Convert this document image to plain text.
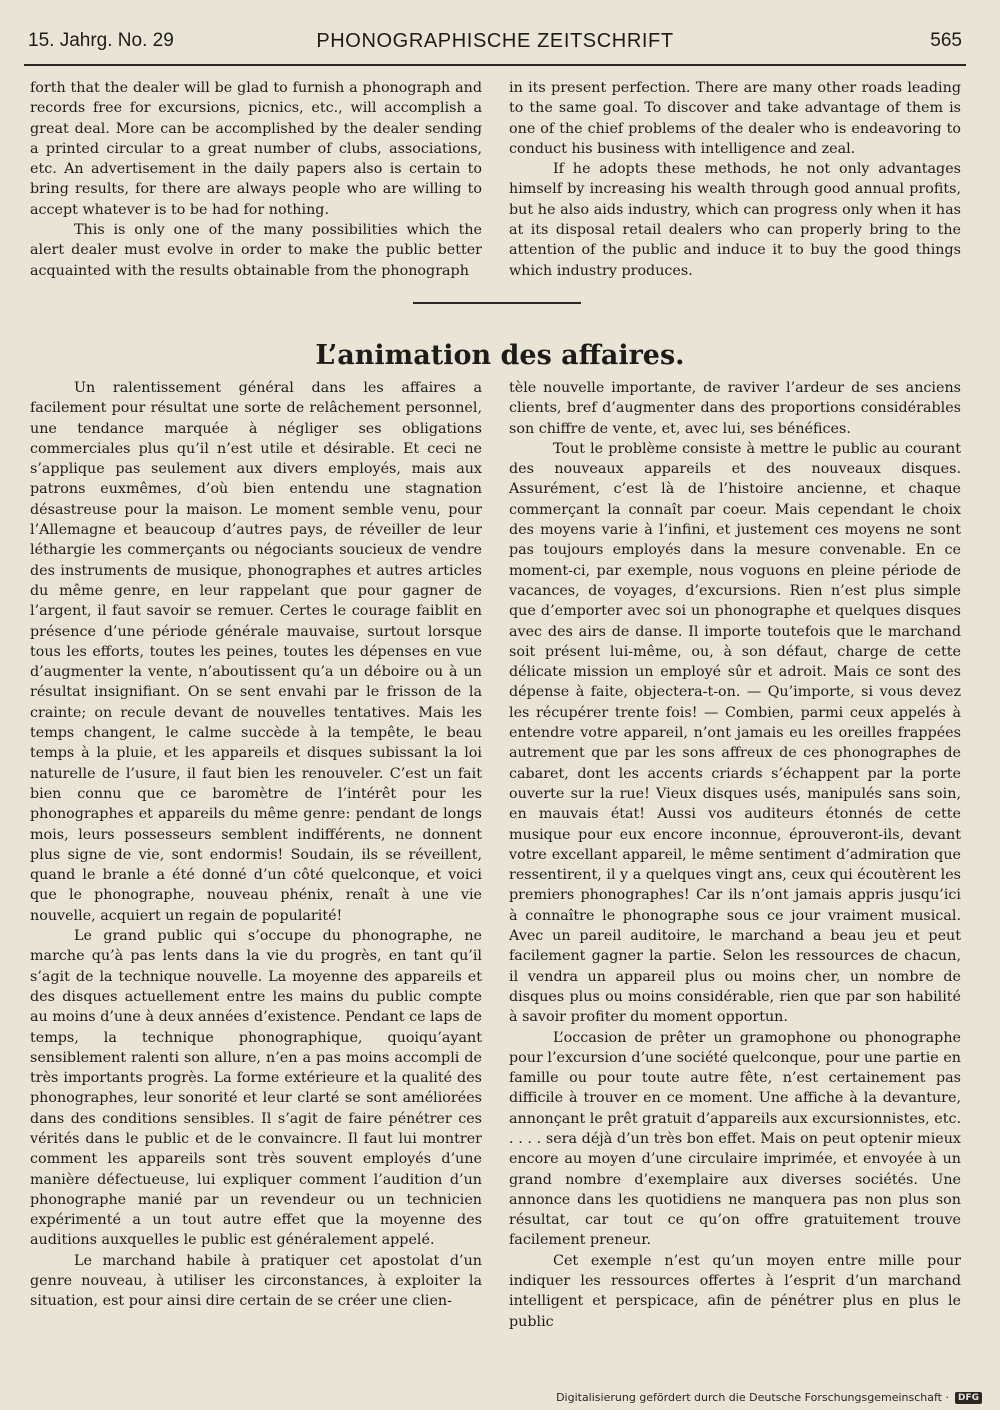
15. Jahrg. No. 29	PHONOGRAPHISCHE ZEITSCHRIFT	565

forth that the dealer will be glad to furnish a phonograph and records free for excursions, picnics, etc., will accomplish a great deal. More can be accomplished by the dealer sending a printed circular to a great number of clubs, associations, etc. An advertisement in the daily papers also is certain to bring results, for there are always people who are willing to accept whatever is to be had for nothing.

This is only one of the many possibilities which the alert dealer must evolve in order to make the public better acquainted with the results obtainable from the phonograph

in its present perfection. There are many other roads leading to the same goal. To discover and take advantage of them is one of the chief problems of the dealer who is endeavoring to conduct his business with intelligence and zeal.

If he adopts these methods, he not only advantages himself by increasing his wealth through good annual profits, but he also aids industry, which can progress only when it has at its disposal retail dealers who can properly bring to the attention of the public and induce it to buy the good things which industry produces.

L’animation des affaires.

Un ralentissement général dans les affaires a facilement pour résultat une sorte de relâchement personnel, une tendance marquée à négliger ses obligations commerciales plus qu’il n’est utile et désirable. Et ceci ne s’applique pas seulement aux divers employés, mais aux patrons euxmêmes, d’où bien entendu une stagnation désastreuse pour la maison. Le moment semble venu, pour l’Allemagne et beaucoup d’autres pays, de réveiller de leur léthargie les commerçants ou négociants soucieux de vendre des instruments de musique, phonographes et autres articles du même genre, en leur rappelant que pour gagner de l’argent, il faut savoir se remuer. Certes le courage faiblit en présence d’une période générale mauvaise, surtout lorsque tous les efforts, toutes les peines, toutes les dépenses en vue d’augmenter la vente, n’aboutissent qu’a un déboire ou à un résultat insignifiant. On se sent envahi par le frisson de la crainte; on recule devant de nouvelles tentatives. Mais les temps changent, le calme succède à la tempête, le beau temps à la pluie, et les appareils et disques subissant la loi naturelle de l’usure, il faut bien les renouveler. C’est un fait bien connu que ce baromètre de l’intérêt pour les phonographes et appareils du même genre: pendant de longs mois, leurs possesseurs semblent indifférents, ne donnent plus signe de vie, sont endormis! Soudain, ils se réveillent, quand le branle a été donné d’un côté quelconque, et voici que le phonographe, nouveau phénix, renaît à une vie nouvelle, acquiert un regain de popularité!

Le grand public qui s’occupe du phonographe, ne marche qu’à pas lents dans la vie du progrès, en tant qu’il s’agit de la technique nouvelle. La moyenne des appareils et des disques actuellement entre les mains du public compte au moins d’une à deux années d’existence. Pendant ce laps de temps, la technique phonographique, quoiqu’ayant sensiblement ralenti son allure, n’en a pas moins accompli de très importants progrès. La forme extérieure et la qualité des phonographes, leur sonorité et leur clarté se sont améliorées dans des conditions sensibles. Il s’agit de faire pénétrer ces vérités dans le public et de le convaincre. Il faut lui montrer comment les appareils sont très souvent employés d’une manière défectueuse, lui expliquer comment l’audition d’un phonographe manié par un revendeur ou un technicien expérimenté a un tout autre effet que la moyenne des auditions auxquelles le public est généralement appelé.

Le marchand habile à pratiquer cet apostolat d’un genre nouveau, à utiliser les circonstances, à exploiter la situation, est pour ainsi dire certain de se créer une clien-

tèle nouvelle importante, de raviver l’ardeur de ses anciens clients, bref d’augmenter dans des proportions considérables son chiffre de vente, et, avec lui, ses bénéfices.

Tout le problème consiste à mettre le public au courant des nouveaux appareils et des nouveaux disques. Assurément, c’est là de l’histoire ancienne, et chaque commerçant la connaît par coeur. Mais cependant le choix des moyens varie à l’infini, et justement ces moyens ne sont pas toujours employés dans la mesure convenable. En ce moment-ci, par exemple, nous voguons en pleine période de vacances, de voyages, d’excursions. Rien n’est plus simple que d’emporter avec soi un phonographe et quelques disques avec des airs de danse. Il importe toutefois que le marchand soit présent lui-même, ou, à son défaut, charge de cette délicate mission un employé sûr et adroit. Mais ce sont des dépense à faite, objectera-t-on. — Qu’importe, si vous devez les récupérer trente fois! — Combien, parmi ceux appelés à entendre votre appareil, n’ont jamais eu les oreilles frappées autrement que par les sons affreux de ces phonographes de cabaret, dont les accents criards s’échappent par la porte ouverte sur la rue! Vieux disques usés, manipulés sans soin, en mauvais état! Aussi vos auditeurs étonnés de cette musique pour eux encore inconnue, éprouveront-ils, devant votre excellant appareil, le même sentiment d’admiration que ressentirent, il y a quelques vingt ans, ceux qui écoutèrent les premiers phonographes! Car ils n’ont jamais appris jusqu’ici à connaître le phonographe sous ce jour vraiment musical. Avec un pareil auditoire, le marchand a beau jeu et peut facilement gagner la partie. Selon les ressources de chacun, il vendra un appareil plus ou moins cher, un nombre de disques plus ou moins considérable, rien que par son habilité à savoir profiter du moment opportun.

L’occasion de prêter un gramophone ou phonographe pour l’excursion d’une société quelconque, pour une partie en famille ou pour toute autre fête, n’est certainement pas difficile à trouver en ce moment. Une affiche à la devanture, annonçant le prêt gratuit d’appareils aux excursionnistes, etc. . . . . sera déjà d’un très bon effet. Mais on peut optenir mieux encore au moyen d’une circulaire imprimée, et envoyée à un grand nombre d’exemplaire aux diverses sociétés. Une annonce dans les quotidiens ne manquera pas non plus son résultat, car tout ce qu’on offre gratuitement trouve facilement preneur.

Cet exemple n’est qu’un moyen entre mille pour indiquer les ressources offertes à l’esprit d’un marchand intelligent et perspicace, afin de pénétrer plus en plus le public

Digitalisierung gefördert durch die Deutsche Forschungsgemeinschaft ·	DFG
